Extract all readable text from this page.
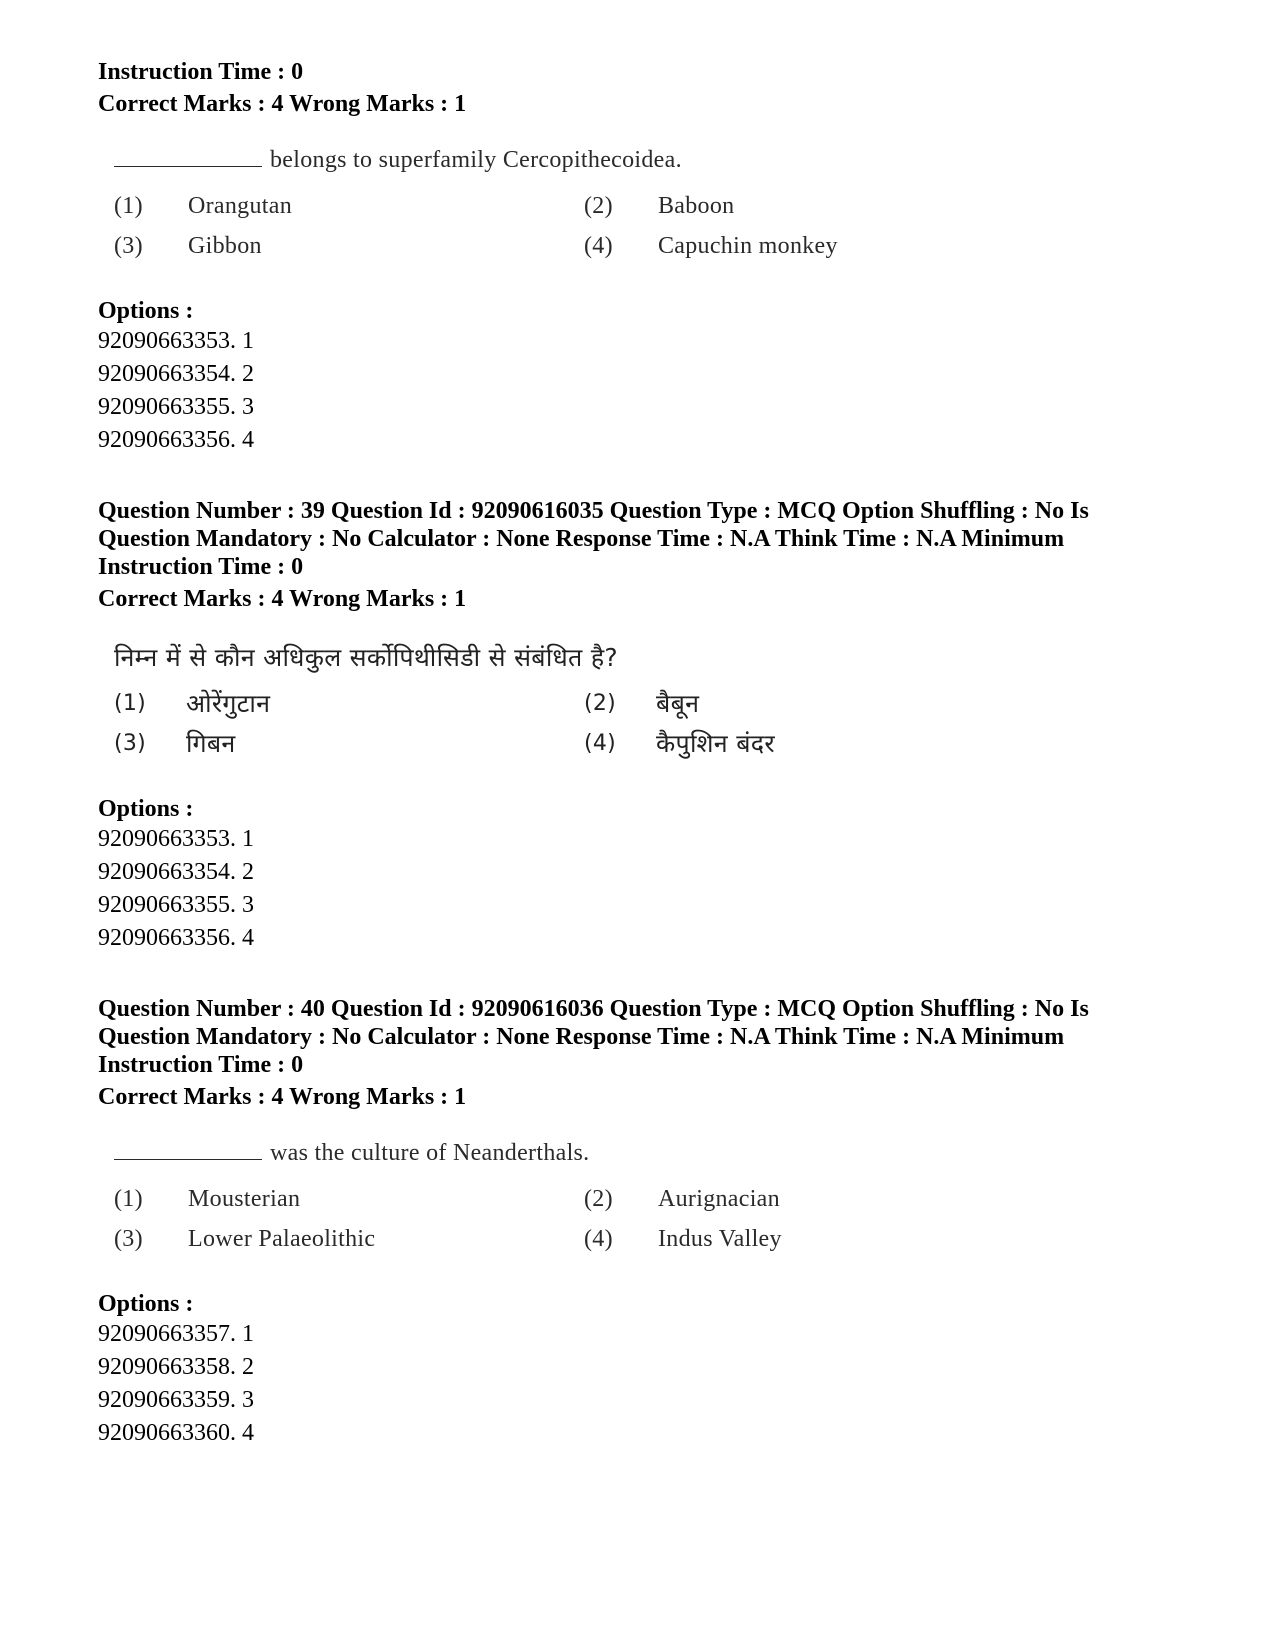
Instruction Time : 0
Correct Marks : 4 Wrong Marks : 1
belongs to superfamily Cercopithecoidea.
(1)	Orangutan	(2)	Baboon
(3)	Gibbon	(4)	Capuchin monkey
Options :
92090663353. 1
92090663354. 2
92090663355. 3
92090663356. 4
Question Number : 39 Question Id : 92090616035 Question Type : MCQ Option Shuffling : No Is
Question Mandatory : No Calculator : None Response Time : N.A Think Time : N.A Minimum
Instruction Time : 0
Correct Marks : 4 Wrong Marks : 1
निम्न में से कौन अधिकुल सर्कोपिथीसिडी से संबंधित है?
(1)	ओरेंगुटान	(2)	बैबून
(3)	गिबन	(4)	कैपुशिन बंदर
Options :
92090663353. 1
92090663354. 2
92090663355. 3
92090663356. 4
Question Number : 40 Question Id : 92090616036 Question Type : MCQ Option Shuffling : No Is
Question Mandatory : No Calculator : None Response Time : N.A Think Time : N.A Minimum
Instruction Time : 0
Correct Marks : 4 Wrong Marks : 1
was the culture of Neanderthals.
(1)	Mousterian	(2)	Aurignacian
(3)	Lower Palaeolithic	(4)	Indus Valley
Options :
92090663357. 1
92090663358. 2
92090663359. 3
92090663360. 4
